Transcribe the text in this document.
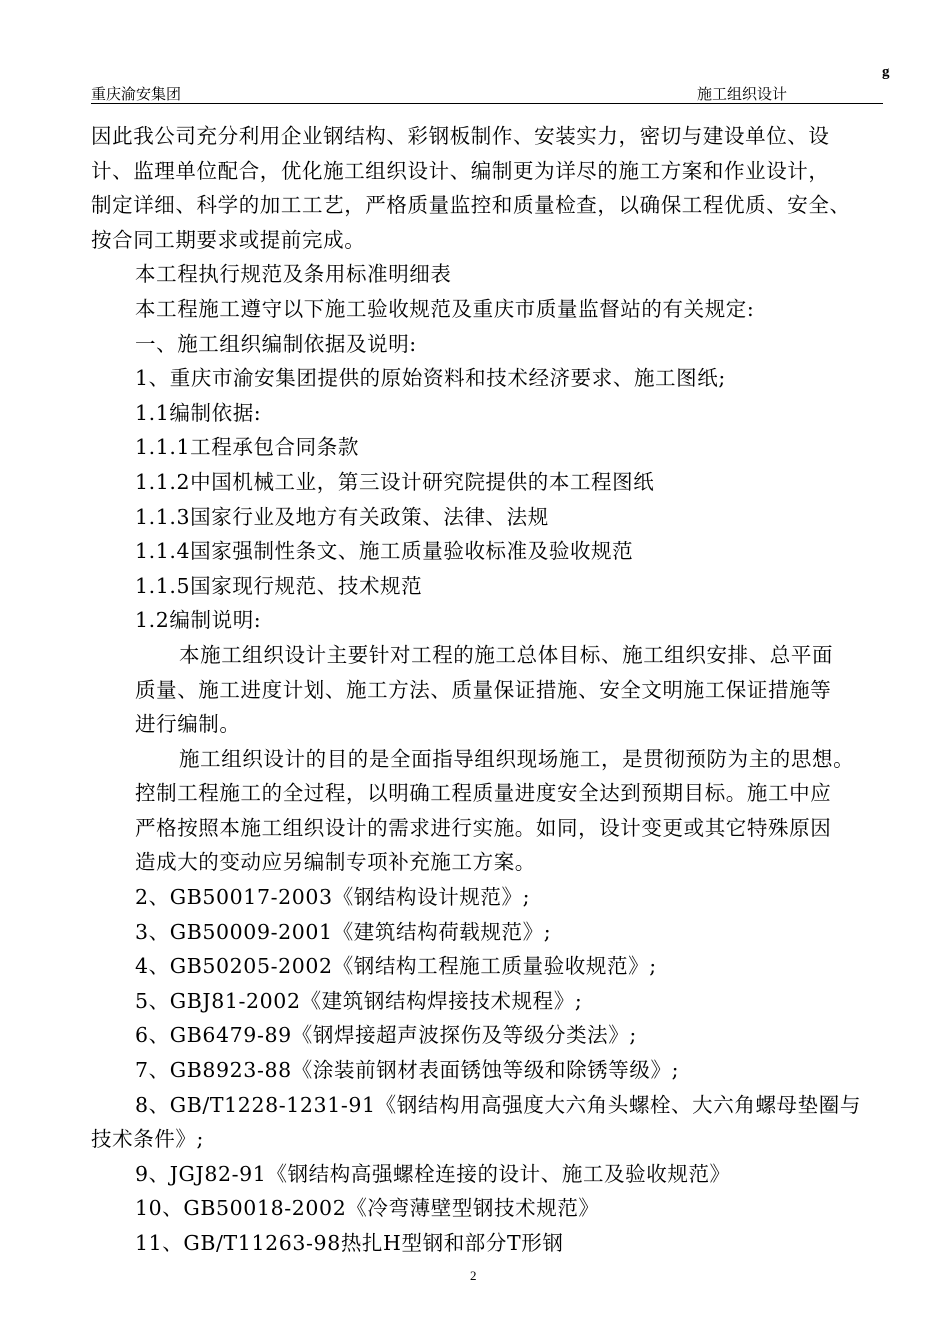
g
重庆渝安集团	施工组织设计
因此我公司充分利用企业钢结构、彩钢板制作、安装实力，密切与建设单位、设
计、监理单位配合，优化施工组织设计、编制更为详尽的施工方案和作业设计，
制定详细、科学的加工工艺，严格质量监控和质量检查，以确保工程优质、安全、
按合同工期要求或提前完成。
本工程执行规范及条用标准明细表
本工程施工遵守以下施工验收规范及重庆市质量监督站的有关规定:
一、施工组织编制依据及说明:
1、重庆市渝安集团提供的原始资料和技术经济要求、施工图纸;
1.1编制依据:
1.1.1工程承包合同条款
1.1.2中国机械工业，第三设计研究院提供的本工程图纸
1.1.3国家行业及地方有关政策、法律、法规
1.1.4国家强制性条文、施工质量验收标准及验收规范
1.1.5国家现行规范、技术规范
1.2编制说明:
本施工组织设计主要针对工程的施工总体目标、施工组织安排、总平面
质量、施工进度计划、施工方法、质量保证措施、安全文明施工保证措施等
进行编制。
施工组织设计的目的是全面指导组织现场施工，是贯彻预防为主的思想。
控制工程施工的全过程，以明确工程质量进度安全达到预期目标。施工中应
严格按照本施工组织设计的需求进行实施。如同，设计变更或其它特殊原因
造成大的变动应另编制专项补充施工方案。
2、GB50017-2003《钢结构设计规范》;
3、GB50009-2001《建筑结构荷载规范》;
4、GB50205-2002《钢结构工程施工质量验收规范》;
5、GBJ81-2002《建筑钢结构焊接技术规程》;
6、GB6479-89《钢焊接超声波探伤及等级分类法》;
7、GB8923-88《涂装前钢材表面锈蚀等级和除锈等级》;
8、GB/T1228-1231-91《钢结构用高强度大六角头螺栓、大六角螺母垫圈与
技术条件》;
9、JGJ82-91《钢结构高强螺栓连接的设计、施工及验收规范》
10、GB50018-2002《冷弯薄壁型钢技术规范》
11、GB/T11263-98热扎H型钢和部分T形钢
2
